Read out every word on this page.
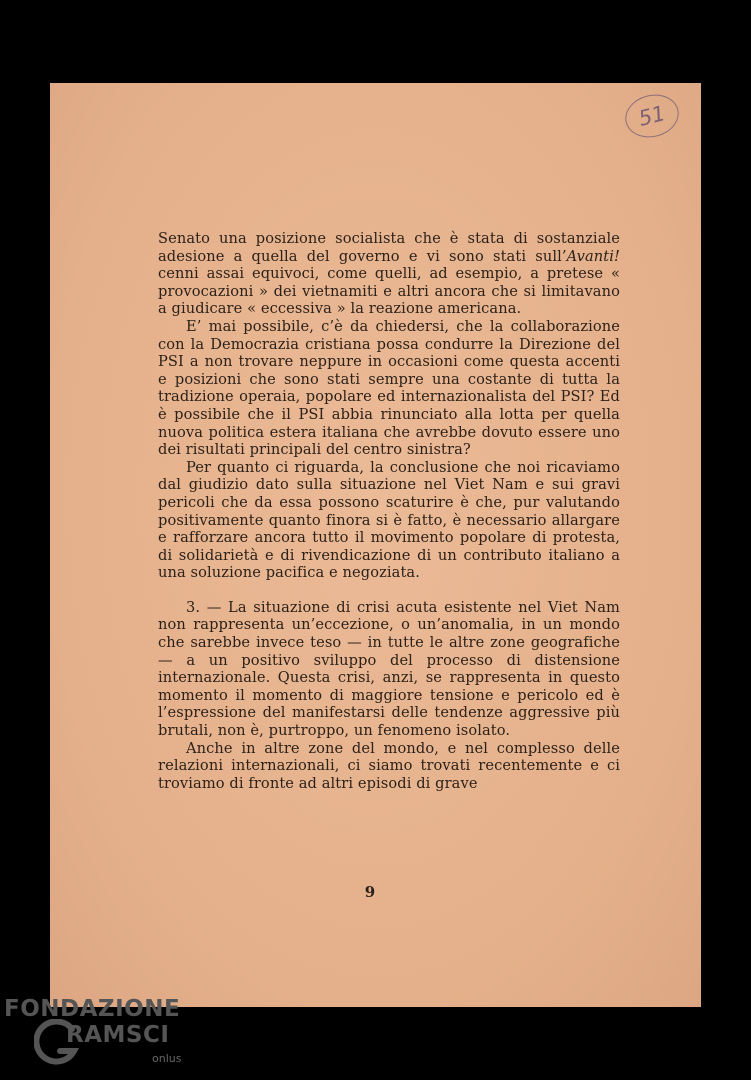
51

Senato una posizione socialista che è stata di sostanziale adesione a quella del governo e vi sono stati sull’Avanti! cenni assai equivoci, come quelli, ad esempio, a pretese « provocazioni » dei vietnamiti e altri ancora che si limitavano a giudicare « eccessiva » la reazione americana.

E’ mai possibile, c’è da chiedersi, che la collaborazione con la Democrazia cristiana possa condurre la Direzione del PSI a non trovare neppure in occasioni come questa accenti e posizioni che sono stati sempre una costante di tutta la tradizione operaia, popolare ed internazionalista del PSI? Ed è possibile che il PSI abbia rinunciato alla lotta per quella nuova politica estera italiana che avrebbe dovuto essere uno dei risultati principali del centro sinistra?

Per quanto ci riguarda, la conclusione che noi ricaviamo dal giudizio dato sulla situazione nel Viet Nam e sui gravi pericoli che da essa possono scaturire è che, pur valutando positivamente quanto finora si è fatto, è necessario allargare e rafforzare ancora tutto il movimento popolare di protesta, di solidarietà e di rivendicazione di un contributo italiano a una soluzione pacifica e negoziata.

3. — La situazione di crisi acuta esistente nel Viet Nam non rappresenta un’eccezione, o un’anomalia, in un mondo che sarebbe invece teso — in tutte le altre zone geografiche — a un positivo sviluppo del processo di distensione internazionale. Questa crisi, anzi, se rappresenta in questo momento il momento di maggiore tensione e pericolo ed è l’espressione del manifestarsi delle tendenze aggressive più brutali, non è, purtroppo, un fenomeno isolato.

Anche in altre zone del mondo, e nel complesso delle relazioni internazionali, ci siamo trovati recentemente e ci troviamo di fronte ad altri episodi di grave

9
FONDAZIONE
RAMSCI
onlus
